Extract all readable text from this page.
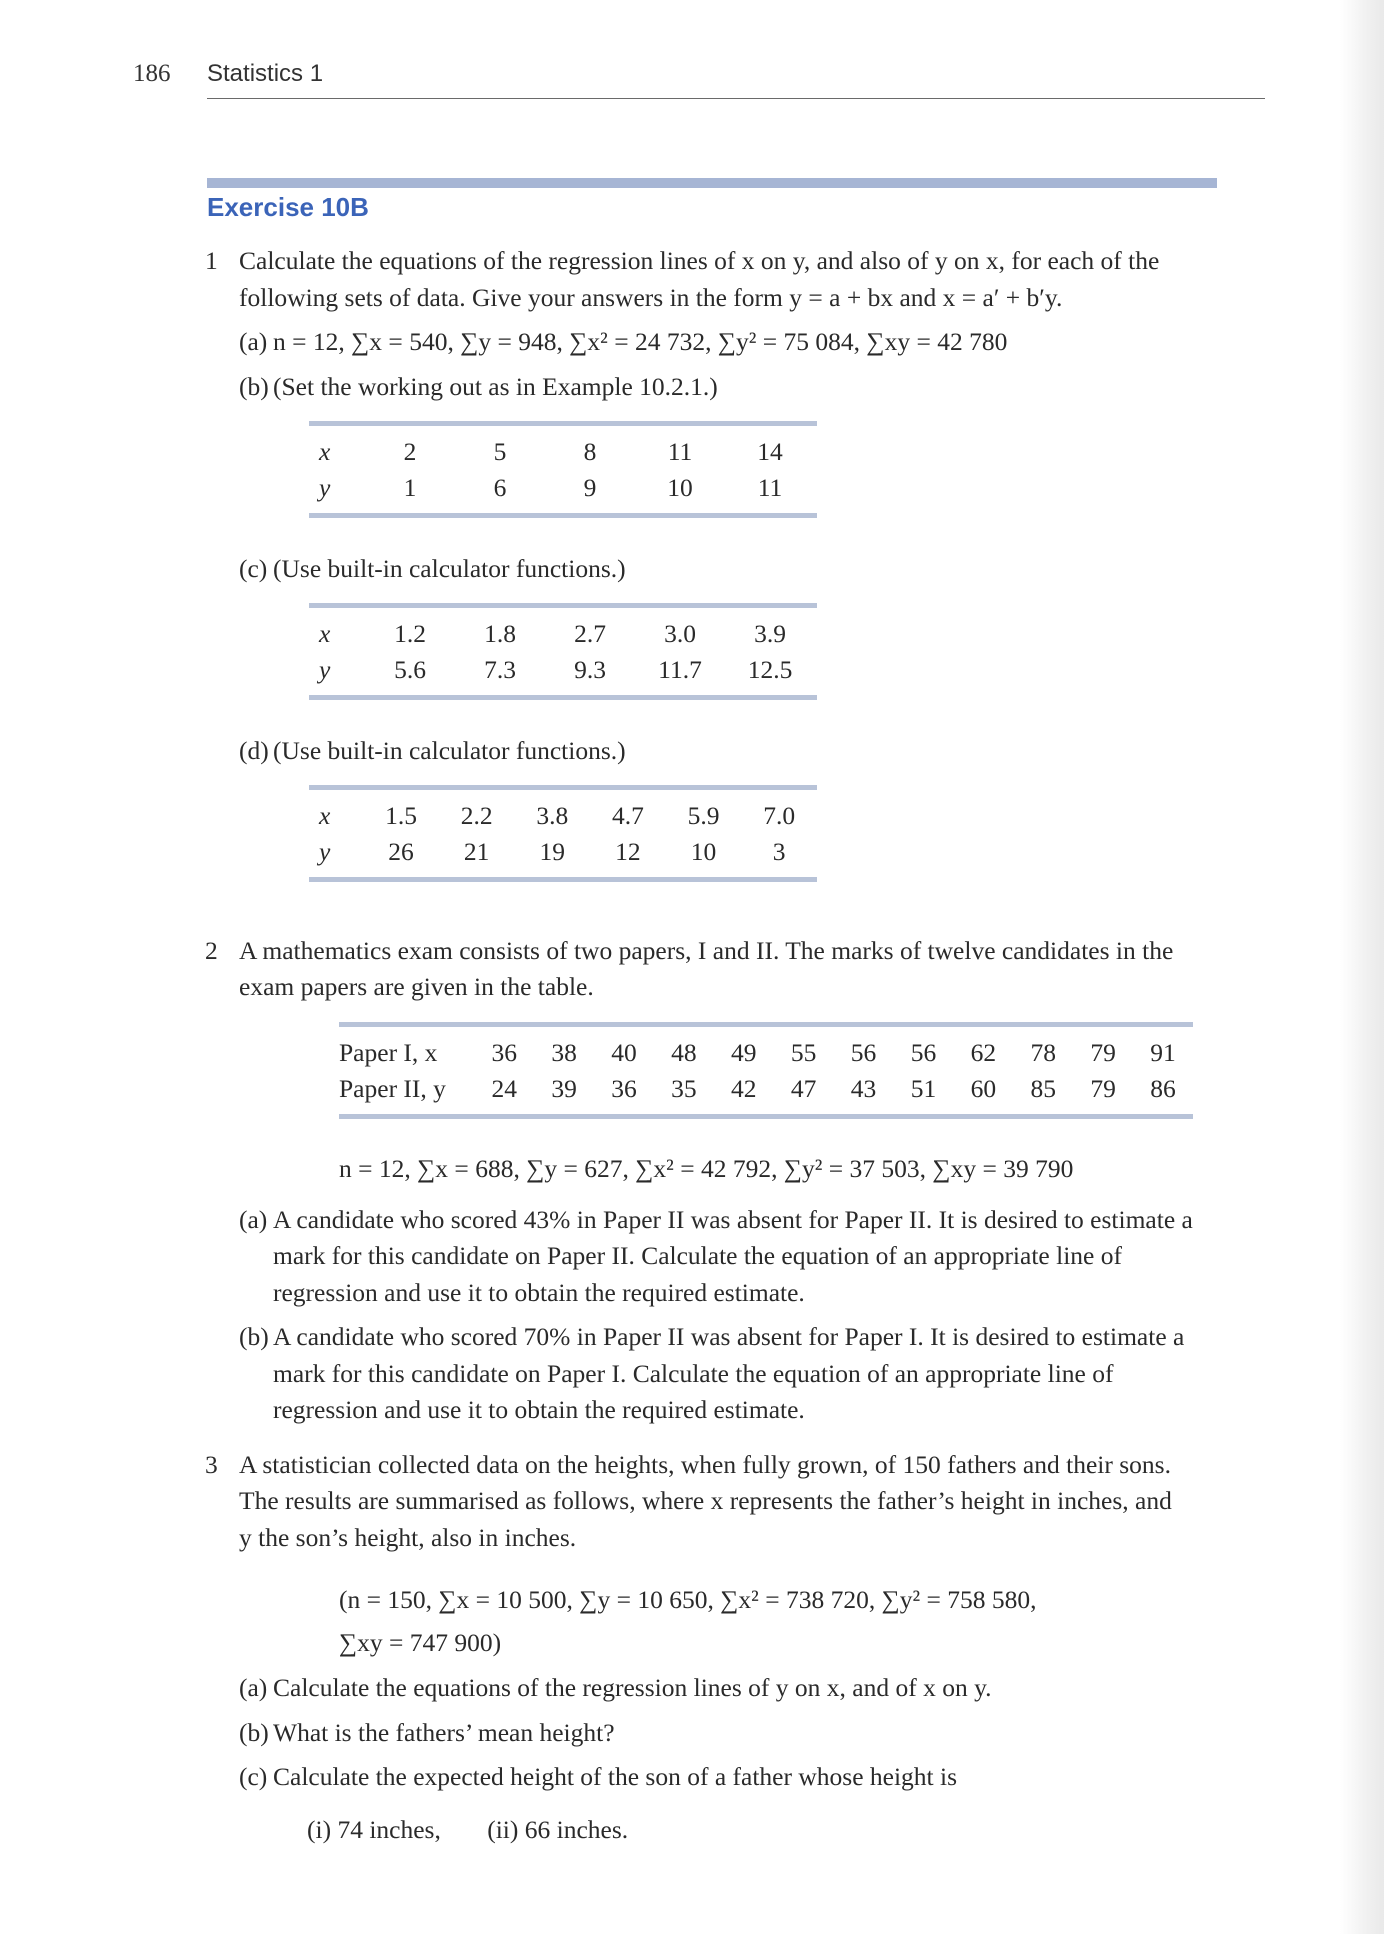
186 Statistics 1
Exercise 10B
1 Calculate the equations of the regression lines of x on y, and also of y on x, for each of the
following sets of data. Give your answers in the form y = a + bx and x = a′ + b′y.
(a) n = 12, ∑x = 540, ∑y = 948, ∑x² = 24 732, ∑y² = 75 084, ∑xy = 42 780
(b) (Set the working out as in Example 10.2.1.)
x	2	5	8	11	14
y	1	6	9	10	11
(c) (Use built-in calculator functions.)
x	1.2	1.8	2.7	3.0	3.9
y	5.6	7.3	9.3	11.7	12.5
(d) (Use built-in calculator functions.)
x	1.5	2.2	3.8	4.7	5.9	7.0
y	26	21	19	12	10	3
2 A mathematics exam consists of two papers, I and II. The marks of twelve candidates in the
exam papers are given in the table.
Paper I, x	36	38	40	48	49	55	56	56	62	78	79	91
Paper II, y	24	39	36	35	42	47	43	51	60	85	79	86
n = 12, ∑x = 688, ∑y = 627, ∑x² = 42 792, ∑y² = 37 503, ∑xy = 39 790
(a) A candidate who scored 43% in Paper II was absent for Paper II. It is desired to estimate a
mark for this candidate on Paper II. Calculate the equation of an appropriate line of
regression and use it to obtain the required estimate.
(b) A candidate who scored 70% in Paper II was absent for Paper I. It is desired to estimate a
mark for this candidate on Paper I. Calculate the equation of an appropriate line of
regression and use it to obtain the required estimate.
3 A statistician collected data on the heights, when fully grown, of 150 fathers and their sons.
The results are summarised as follows, where x represents the father’s height in inches, and
y the son’s height, also in inches.
(n = 150, ∑x = 10 500, ∑y = 10 650, ∑x² = 738 720, ∑y² = 758 580,
∑xy = 747 900)
(a) Calculate the equations of the regression lines of y on x, and of x on y.
(b) What is the fathers’ mean height?
(c) Calculate the expected height of the son of a father whose height is
(i) 74 inches, (ii) 66 inches.
